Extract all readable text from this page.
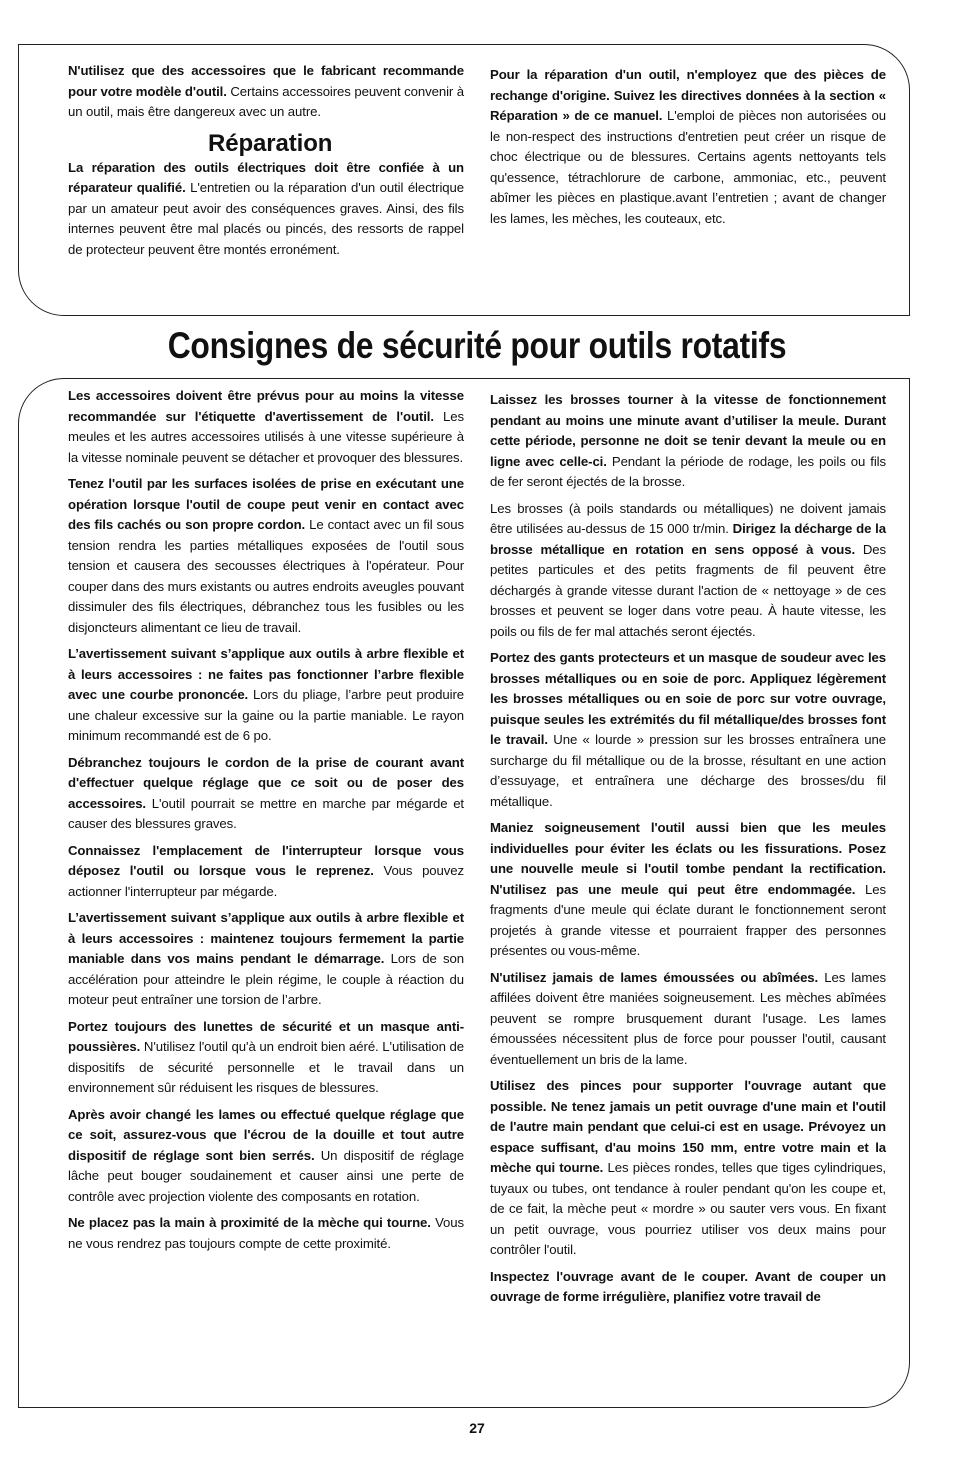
N'utilisez que des accessoires que le fabricant recommande pour votre modèle d'outil. Certains accessoires peuvent convenir à un outil, mais être dangereux avec un autre.

Réparation

La réparation des outils électriques doit être confiée à un réparateur qualifié. L'entretien ou la réparation d'un outil électrique par un amateur peut avoir des conséquences graves. Ainsi, des fils internes peuvent être mal placés ou pincés, des ressorts de rappel de protecteur peuvent être montés erronément.

Pour la réparation d'un outil, n'employez que des pièces de rechange d'origine. Suivez les directives données à la section « Réparation » de ce manuel. L'emploi de pièces non autorisées ou le non-respect des instructions d'entretien peut créer un risque de choc électrique ou de blessures. Certains agents nettoyants tels qu'essence, tétrachlorure de carbone, ammoniac, etc., peuvent abîmer les pièces en plastique.avant l’entretien ; avant de changer les lames, les mèches, les couteaux, etc.

Consignes de sécurité pour outils rotatifs

Les accessoires doivent être prévus pour au moins la vitesse recommandée sur l'étiquette d'avertissement de l'outil. Les meules et les autres accessoires utilisés à une vitesse supérieure à la vitesse nominale peuvent se détacher et provoquer des blessures.

Tenez l'outil par les surfaces isolées de prise en exécutant une opération lorsque l'outil de coupe peut venir en contact avec des fils cachés ou son propre cordon. Le contact avec un fil sous tension rendra les parties métalliques exposées de l'outil sous tension et causera des secousses électriques à l'opérateur. Pour couper dans des murs existants ou autres endroits aveugles pouvant dissimuler des fils électriques, débranchez tous les fusibles ou les disjoncteurs alimentant ce lieu de travail.

L’avertissement suivant s’applique aux outils à arbre flexible et à leurs accessoires : ne faites pas fonctionner l’arbre flexible avec une courbe prononcée. Lors du pliage, l’arbre peut produire une chaleur excessive sur la gaine ou la partie maniable. Le rayon minimum recommandé est de 6 po.

Débranchez toujours le cordon de la prise de courant avant d'effectuer quelque réglage que ce soit ou de poser des accessoires. L'outil pourrait se mettre en marche par mégarde et causer des blessures graves.

Connaissez l'emplacement de l'interrupteur lorsque vous déposez l'outil ou lorsque vous le reprenez. Vous pouvez actionner l'interrupteur par mégarde.

L’avertissement suivant s’applique aux outils à arbre flexible et à leurs accessoires : maintenez toujours fermement la partie maniable dans vos mains pendant le démarrage. Lors de son accélération pour atteindre le plein régime, le couple à réaction du moteur peut entraîner une torsion de l’arbre.

Portez toujours des lunettes de sécurité et un masque anti-poussières. N'utilisez l'outil qu'à un endroit bien aéré. L'utilisation de dispositifs de sécurité personnelle et le travail dans un environnement sûr réduisent les risques de blessures.

Après avoir changé les lames ou effectué quelque réglage que ce soit, assurez-vous que l'écrou de la douille et tout autre dispositif de réglage sont bien serrés. Un dispositif de réglage lâche peut bouger soudainement et causer ainsi une perte de contrôle avec projection violente des composants en rotation.

Ne placez pas la main à proximité de la mèche qui tourne. Vous ne vous rendrez pas toujours compte de cette proximité.

Laissez les brosses tourner à la vitesse de fonctionnement pendant au moins une minute avant d’utiliser la meule. Durant cette période, personne ne doit se tenir devant la meule ou en ligne avec celle-ci. Pendant la période de rodage, les poils ou fils de fer seront éjectés de la brosse.

Les brosses (à poils standards ou métalliques) ne doivent jamais être utilisées au-dessus de 15 000 tr/min. Dirigez la décharge de la brosse métallique en rotation en sens opposé à vous. Des petites particules et des petits fragments de fil peuvent être déchargés à grande vitesse durant l'action de « nettoyage » de ces brosses et peuvent se loger dans votre peau. À haute vitesse, les poils ou fils de fer mal attachés seront éjectés.

Portez des gants protecteurs et un masque de soudeur avec les brosses métalliques ou en soie de porc. Appliquez légèrement les brosses métalliques ou en soie de porc sur votre ouvrage, puisque seules les extrémités du fil métallique/des brosses font le travail. Une « lourde » pression sur les brosses entraînera une surcharge du fil métallique ou de la brosse, résultant en une action d’essuyage, et entraînera une décharge des brosses/du fil métallique.

Maniez soigneusement l'outil aussi bien que les meules individuelles pour éviter les éclats ou les fissurations. Posez une nouvelle meule si l'outil tombe pendant la rectification. N'utilisez pas une meule qui peut être endommagée. Les fragments d'une meule qui éclate durant le fonctionnement seront projetés à grande vitesse et pourraient frapper des personnes présentes ou vous-même.

N'utilisez jamais de lames émoussées ou abîmées. Les lames affilées doivent être maniées soigneusement. Les mèches abîmées peuvent se rompre brusquement durant l'usage. Les lames émoussées nécessitent plus de force pour pousser l'outil, causant éventuellement un bris de la lame.

Utilisez des pinces pour supporter l'ouvrage autant que possible. Ne tenez jamais un petit ouvrage d'une main et l'outil de l'autre main pendant que celui-ci est en usage. Prévoyez un espace suffisant, d'au moins 150 mm, entre votre main et la mèche qui tourne. Les pièces rondes, telles que tiges cylindriques, tuyaux ou tubes, ont tendance à rouler pendant qu'on les coupe et, de ce fait, la mèche peut « mordre » ou sauter vers vous. En fixant un petit ouvrage, vous pourriez utiliser vos deux mains pour contrôler l'outil.

Inspectez l'ouvrage avant de le couper. Avant de couper un ouvrage de forme irrégulière, planifiez votre travail de

27
